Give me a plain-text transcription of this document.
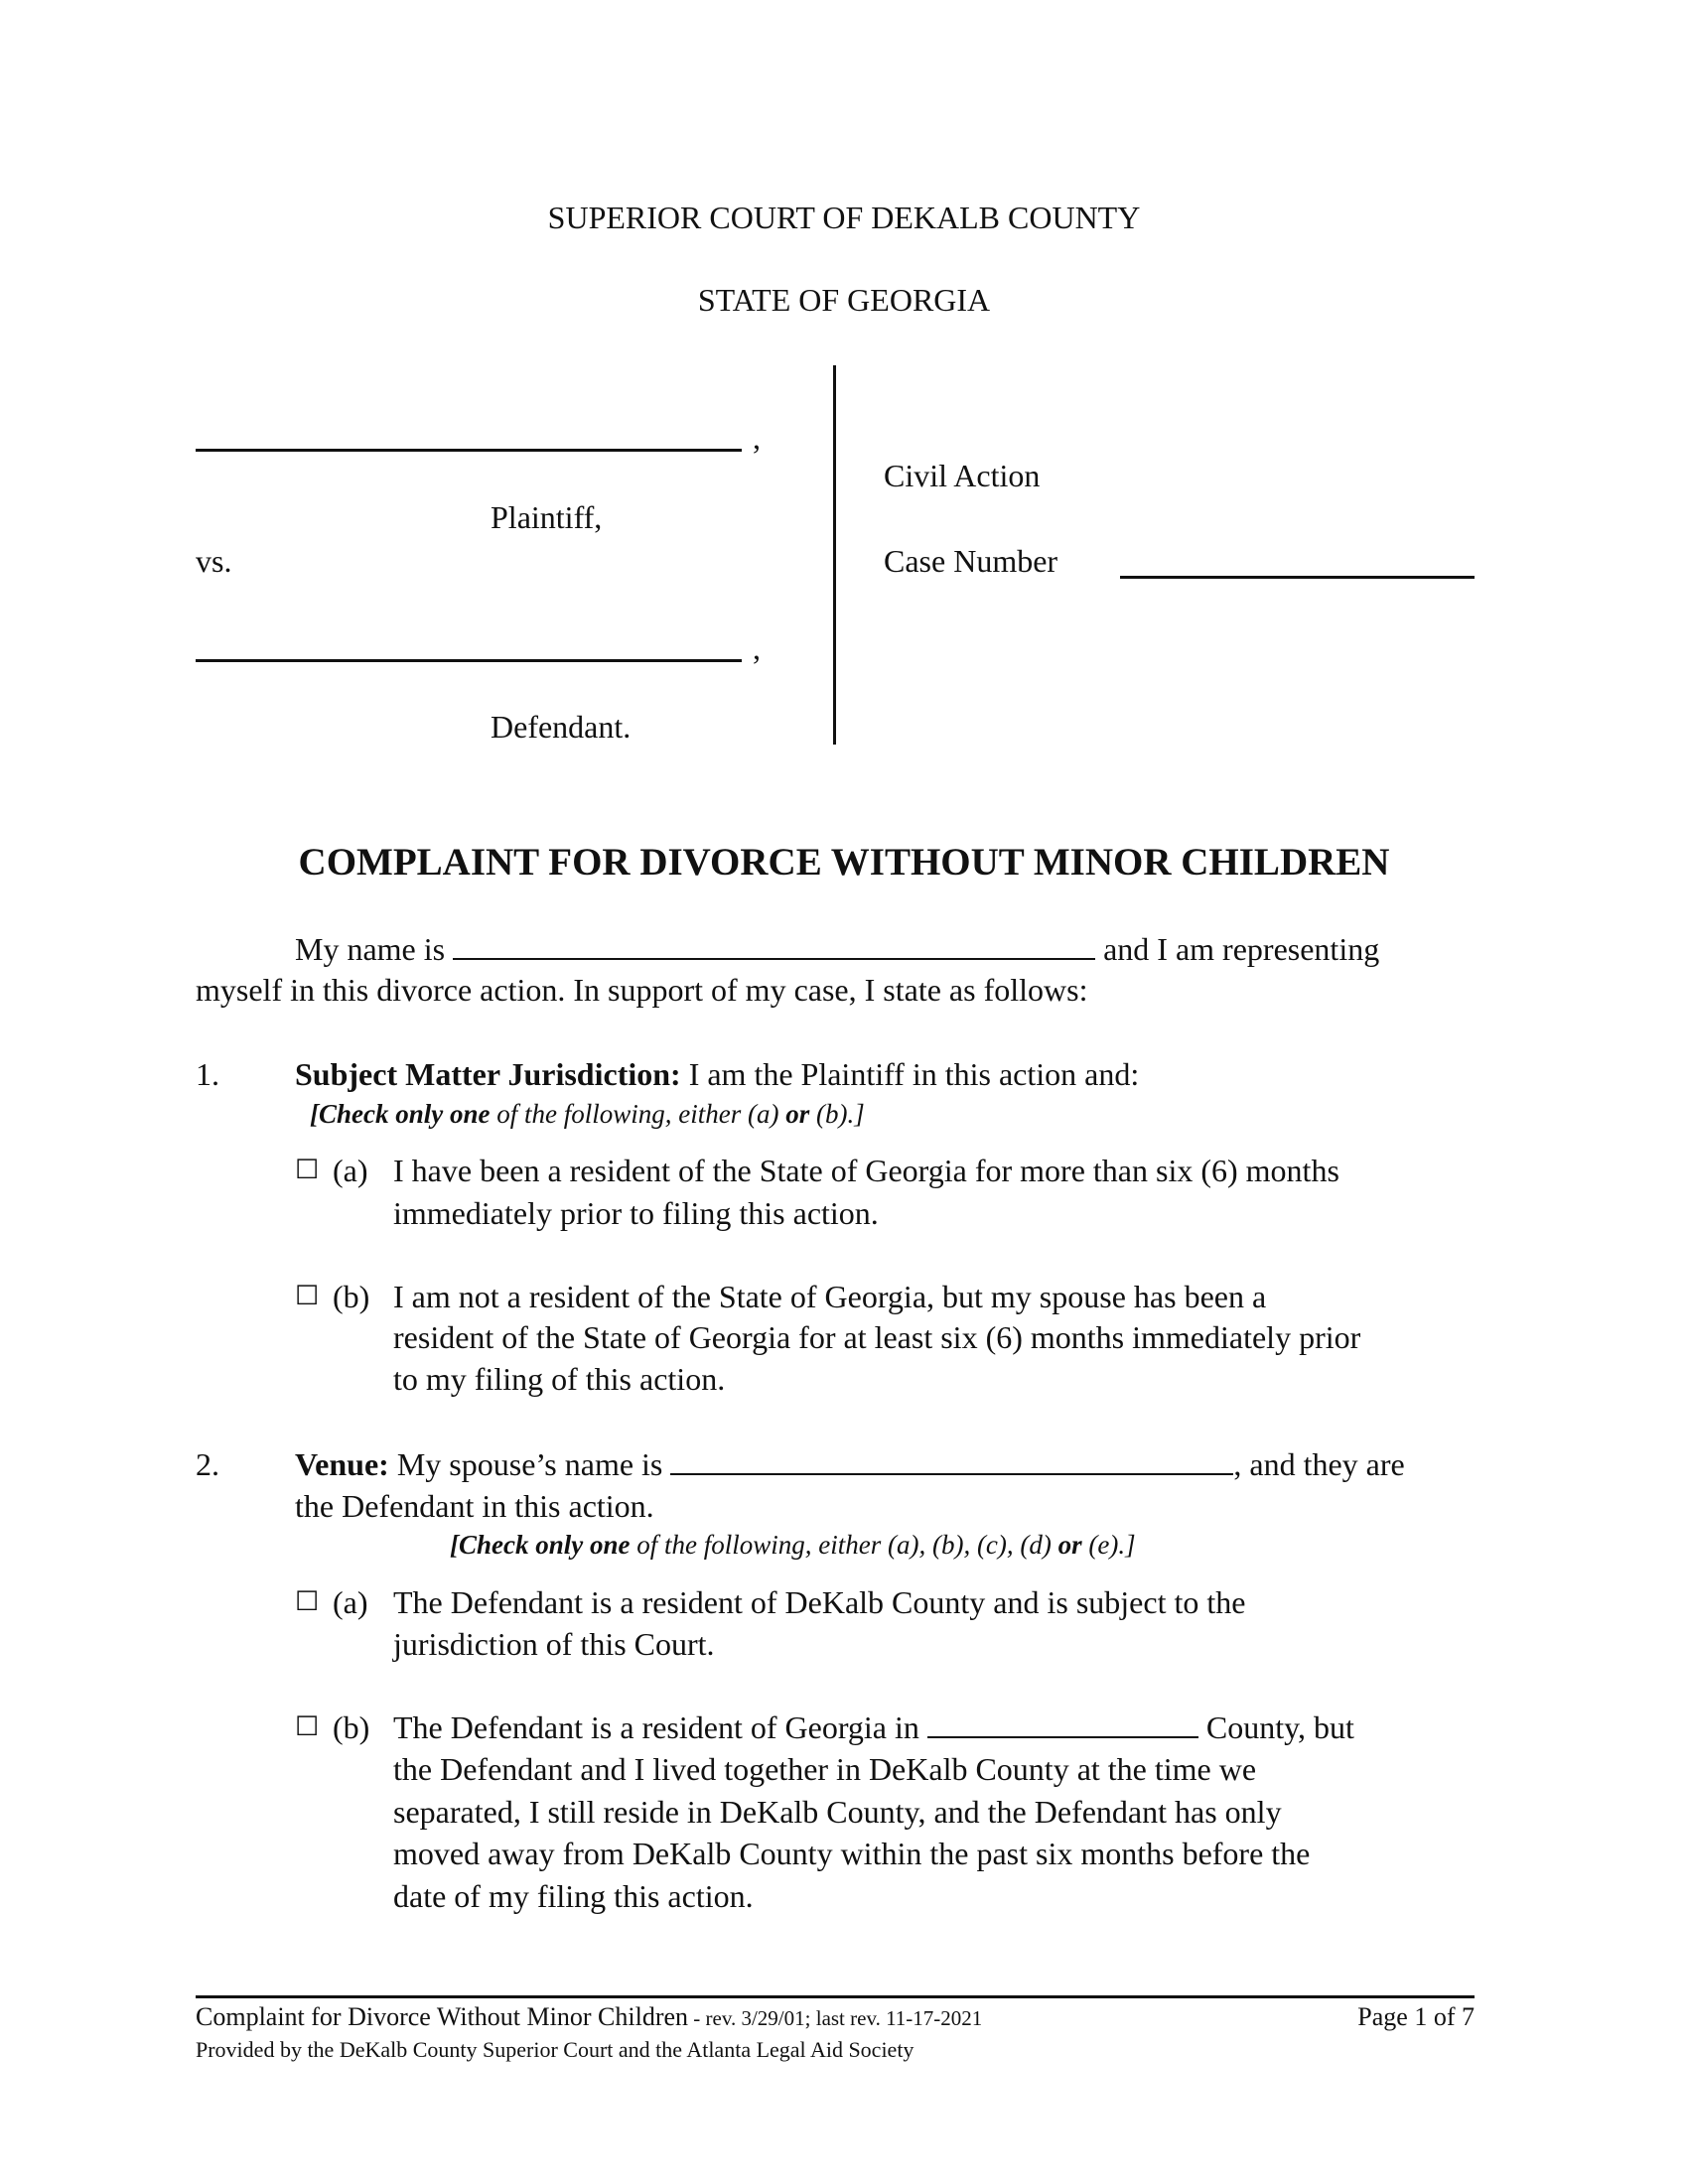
SUPERIOR COURT OF DEKALB COUNTY
STATE OF GEORGIA
,
Plaintiff,
vs.
,
Defendant.
Civil Action
Case Number
COMPLAINT FOR DIVORCE WITHOUT MINOR CHILDREN
My name is	and I am representing
myself in this divorce action. In support of my case, I state as follows:
1. Subject Matter Jurisdiction: I am the Plaintiff in this action and:
[Check only one of the following, either (a) or (b).]
☐ (a) I have been a resident of the State of Georgia for more than six (6) months
immediately prior to filing this action.
☐ (b) I am not a resident of the State of Georgia, but my spouse has been a
resident of the State of Georgia for at least six (6) months immediately prior
to my filing of this action.
2. Venue: My spouse’s name is	, and they are
the Defendant in this action.
[Check only one of the following, either (a), (b), (c), (d) or (e).]
☐ (a) The Defendant is a resident of DeKalb County and is subject to the
jurisdiction of this Court.
☐ (b) The Defendant is a resident of Georgia in	County, but
the Defendant and I lived together in DeKalb County at the time we
separated, I still reside in DeKalb County, and the Defendant has only
moved away from DeKalb County within the past six months before the
date of my filing this action.
Complaint for Divorce Without Minor Children - rev. 3/29/01; last rev. 11-17-2021	Page 1 of 7
Provided by the DeKalb County Superior Court and the Atlanta Legal Aid Society
